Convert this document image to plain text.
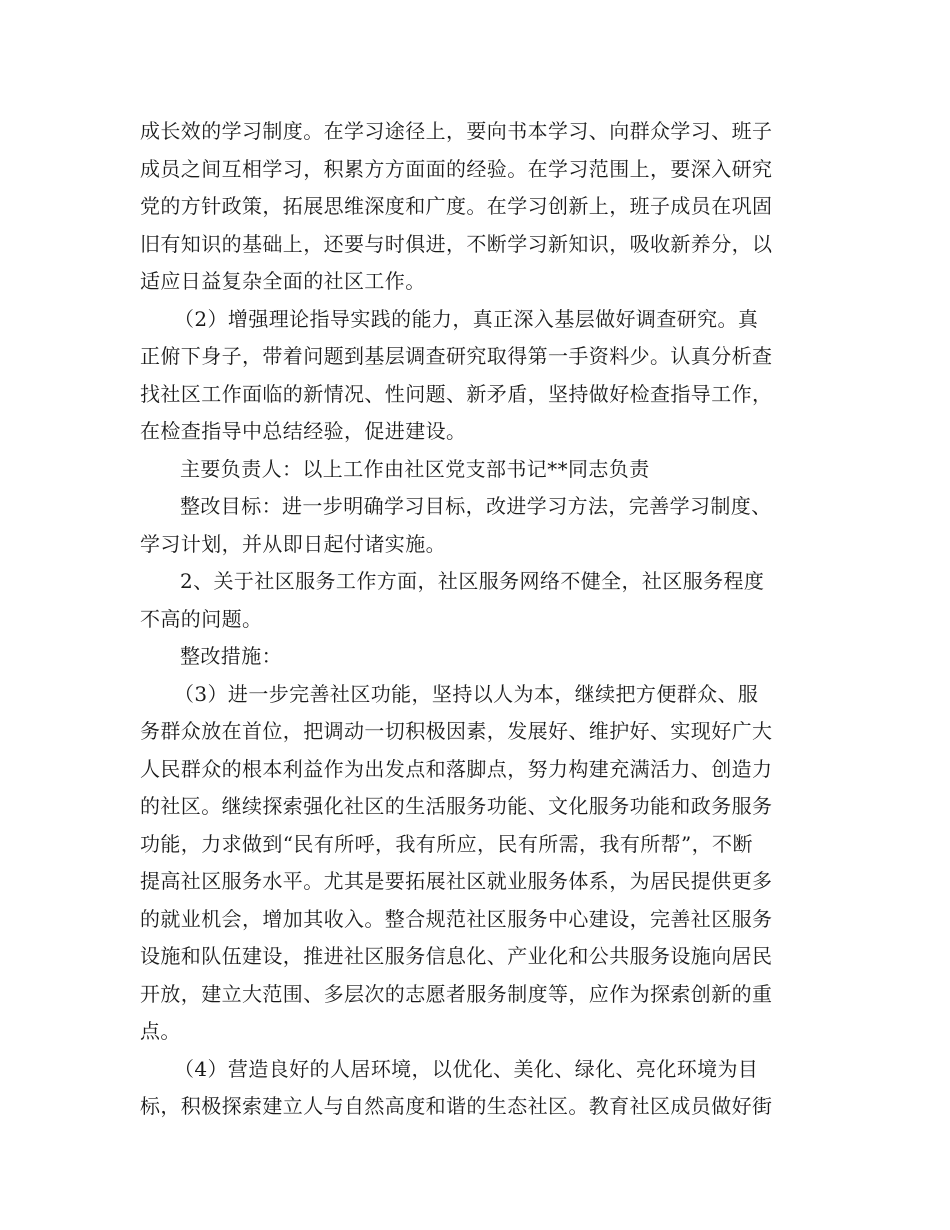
成长效的学习制度。在学习途径上，要向书本学习、向群众学习、班子
成员之间互相学习，积累方方面面的经验。在学习范围上，要深入研究
党的方针政策，拓展思维深度和广度。在学习创新上，班子成员在巩固
旧有知识的基础上，还要与时俱进，不断学习新知识，吸收新养分，以
适应日益复杂全面的社区工作。

（2）增强理论指导实践的能力，真正深入基层做好调查研究。真
正俯下身子，带着问题到基层调查研究取得第一手资料少。认真分析查
找社区工作面临的新情况、性问题、新矛盾，坚持做好检查指导工作，
在检查指导中总结经验，促进建设。

主要负责人：以上工作由社区党支部书记**同志负责

整改目标：进一步明确学习目标，改进学习方法，完善学习制度、
学习计划，并从即日起付诸实施。

2、关于社区服务工作方面，社区服务网络不健全，社区服务程度
不高的问题。

整改措施：

（3）进一步完善社区功能，坚持以人为本，继续把方便群众、服
务群众放在首位，把调动一切积极因素，发展好、维护好、实现好广大
人民群众的根本利益作为出发点和落脚点，努力构建充满活力、创造力
的社区。继续探索强化社区的生活服务功能、文化服务功能和政务服务
功能，力求做到“民有所呼，我有所应，民有所需，我有所帮”，不断
提高社区服务水平。尤其是要拓展社区就业服务体系，为居民提供更多
的就业机会，增加其收入。整合规范社区服务中心建设，完善社区服务
设施和队伍建设，推进社区服务信息化、产业化和公共服务设施向居民
开放，建立大范围、多层次的志愿者服务制度等，应作为探索创新的重
点。

（4）营造良好的人居环境，以优化、美化、绿化、亮化环境为目
标，积极探索建立人与自然高度和谐的生态社区。教育社区成员做好街
